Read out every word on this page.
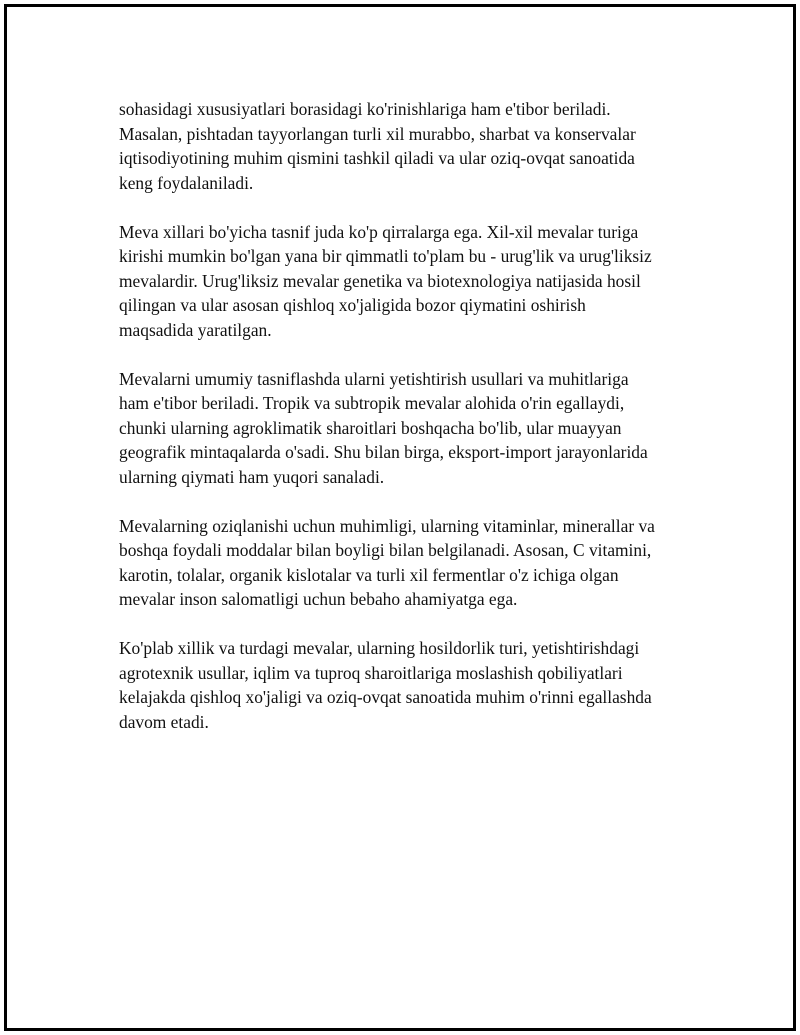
sohasidagi xususiyatlari borasidagi ko'rinishlariga ham e'tibor beriladi.
Masalan, pishtadan tayyorlangan turli xil murabbo, sharbat va konservalar
iqtisodiyotining muhim qismini tashkil qiladi va ular oziq-ovqat sanoatida
keng foydalaniladi.

Meva xillari bo'yicha tasnif juda ko'p qirralarga ega. Xil-xil mevalar turiga
kirishi mumkin bo'lgan yana bir qimmatli to'plam bu - urug'lik va urug'liksiz
mevalardir. Urug'liksiz mevalar genetika va biotexnologiya natijasida hosil
qilingan va ular asosan qishloq xo'jaligida bozor qiymatini oshirish
maqsadida yaratilgan.

Mevalarni umumiy tasniflashda ularni yetishtirish usullari va muhitlariga
ham e'tibor beriladi. Tropik va subtropik mevalar alohida o'rin egallaydi,
chunki ularning agroklimatik sharoitlari boshqacha bo'lib, ular muayyan
geografik mintaqalarda o'sadi. Shu bilan birga, eksport-import jarayonlarida
ularning qiymati ham yuqori sanaladi.

Mevalarning oziqlanishi uchun muhimligi, ularning vitaminlar, minerallar va
boshqa foydali moddalar bilan boyligi bilan belgilanadi. Asosan, C vitamini,
karotin, tolalar, organik kislotalar va turli xil fermentlar o'z ichiga olgan
mevalar inson salomatligi uchun bebaho ahamiyatga ega.

Ko'plab xillik va turdagi mevalar, ularning hosildorlik turi, yetishtirishdagi
agrotexnik usullar, iqlim va tuproq sharoitlariga moslashish qobiliyatlari
kelajakda qishloq xo'jaligi va oziq-ovqat sanoatida muhim o'rinni egallashda
davom etadi.
